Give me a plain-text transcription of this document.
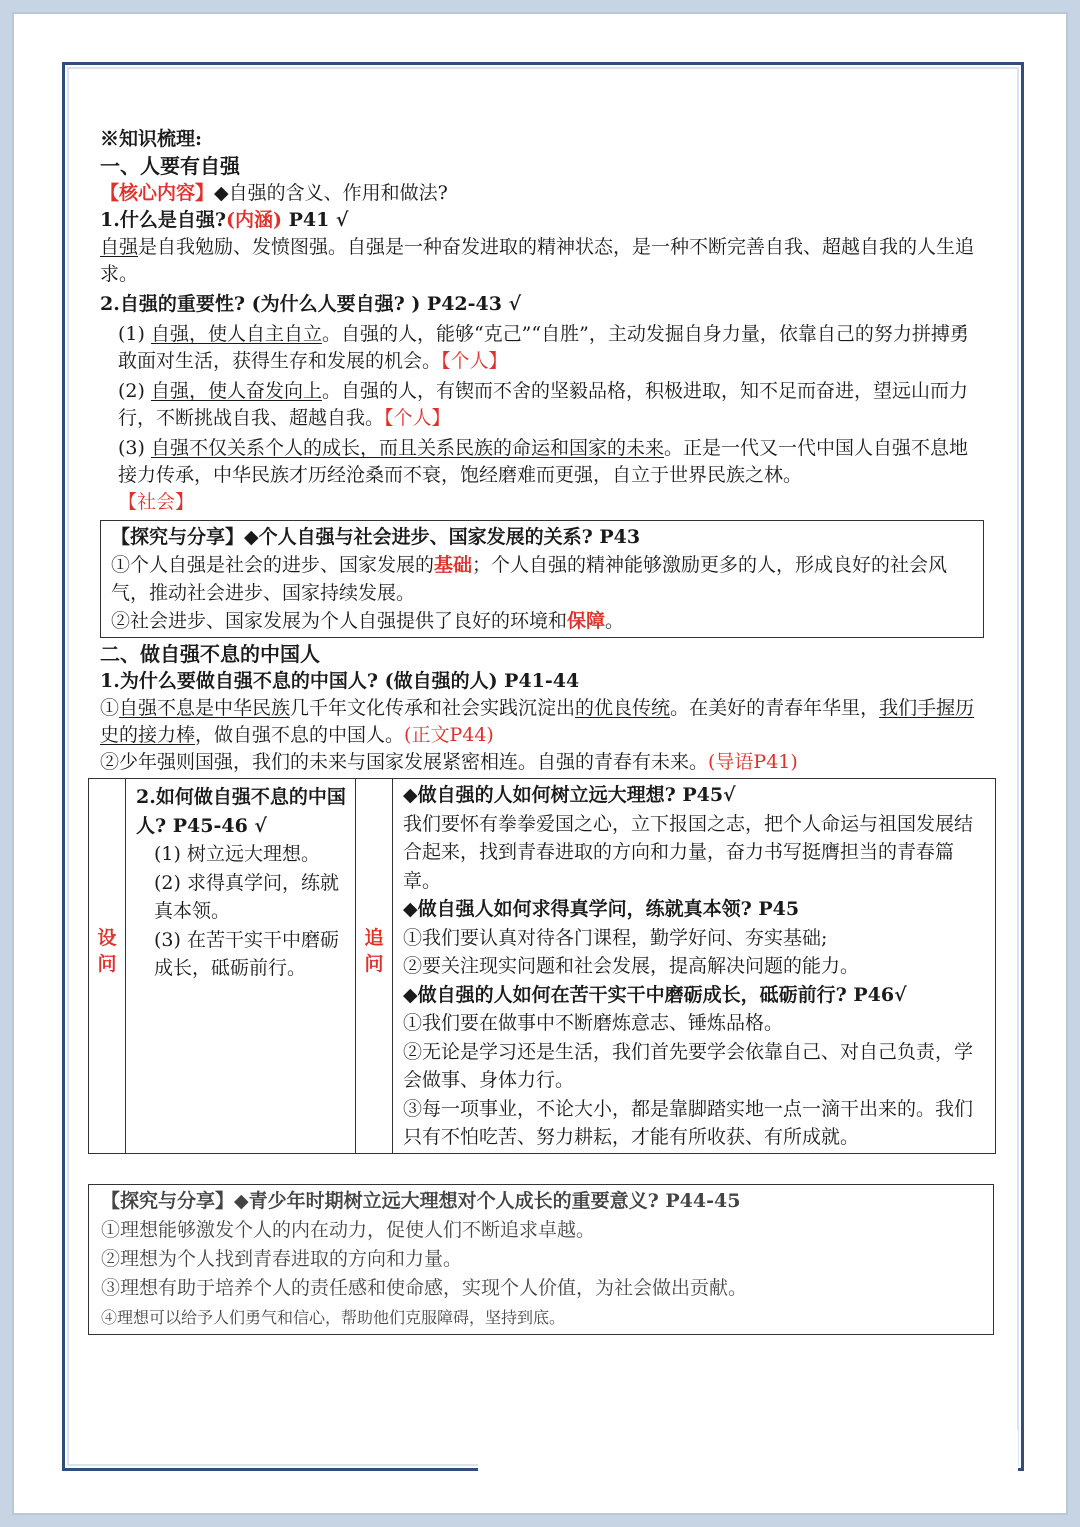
※知识梳理:

一、人要有自强

【核心内容】◆自强的含义、作用和做法?

1.什么是自强?(内涵) P41 √

自强是自我勉励、发愤图强。自强是一种奋发进取的精神状态，是一种不断完善自我、超越自我的人生追求。

2.自强的重要性? (为什么人要自强? ) P42-43 √

(1) 自强，使人自主自立。自强的人，能够“克己”“自胜”，主动发掘自身力量，依靠自己的努力拼搏勇敢面对生活，获得生存和发展的机会。【个人】

(2) 自强，使人奋发向上。自强的人，有锲而不舍的坚毅品格，积极进取，知不足而奋进，望远山而力行，不断挑战自我、超越自我。【个人】

(3) 自强不仅关系个人的成长，而且关系民族的命运和国家的未来。正是一代又一代中国人自强不息地接力传承，中华民族才历经沧桑而不衰，饱经磨难而更强，自立于世界民族之林。

【社会】

【探究与分享】◆个人自强与社会进步、国家发展的关系? P43

①个人自强是社会的进步、国家发展的基础；个人自强的精神能够激励更多的人，形成良好的社会风气，推动社会进步、国家持续发展。

②社会进步、国家发展为个人自强提供了良好的环境和保障。

二、做自强不息的中国人

1.为什么要做自强不息的中国人? (做自强的人) P41-44

①自强不息是中华民族几千年文化传承和社会实践沉淀出的优良传统。在美好的青春年华里，我们手握历史的接力棒，做自强不息的中国人。(正文P44)

②少年强则国强，我们的未来与国家发展紧密相连。自强的青春有未来。(导语P41)

设问

2.如何做自强不息的中国人? P45-46 √

(1) 树立远大理想。

(2) 求得真学问，练就真本领。

(3) 在苦干实干中磨砺成长，砥砺前行。

追问

◆做自强的人如何树立远大理想? P45√

我们要怀有拳拳爱国之心，立下报国之志，把个人命运与祖国发展结合起来，找到青春进取的方向和力量，奋力书写挺膺担当的青春篇章。

◆做自强人如何求得真学问，练就真本领? P45

①我们要认真对待各门课程，勤学好问、夯实基础;

②要关注现实问题和社会发展，提高解决问题的能力。

◆做自强的人如何在苦干实干中磨砺成长，砥砺前行? P46√

①我们要在做事中不断磨炼意志、锤炼品格。

②无论是学习还是生活，我们首先要学会依靠自己、对自己负责，学会做事、身体力行。

③每一项事业，不论大小，都是靠脚踏实地一点一滴干出来的。我们只有不怕吃苦、努力耕耘，才能有所收获、有所成就。

【探究与分享】◆青少年时期树立远大理想对个人成长的重要意义? P44-45

①理想能够激发个人的内在动力，促使人们不断追求卓越。

②理想为个人找到青春进取的方向和力量。

③理想有助于培养个人的责任感和使命感，实现个人价值，为社会做出贡献。

④理想可以给予人们勇气和信心，帮助他们克服障碍，坚持到底。
